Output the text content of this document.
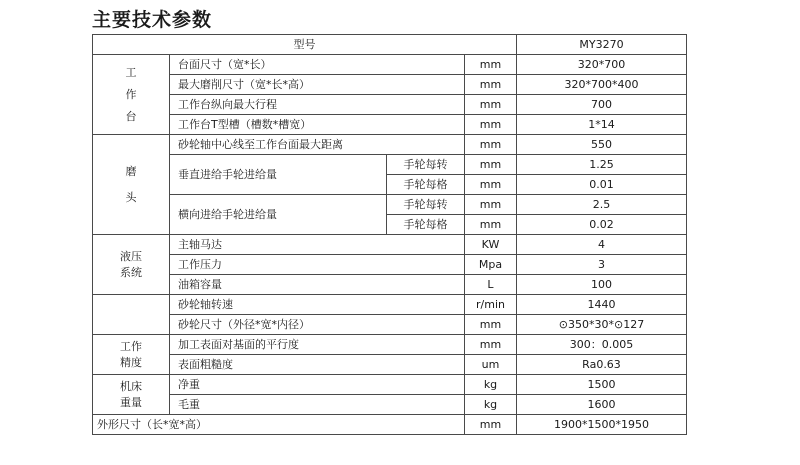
主要技术参数
型号				MY3270

工
作
台	台面尺寸（宽*长）		mm	320*700
	最大磨削尺寸（宽*长*高）		mm	320*700*400
	工作台纵向最大行程		mm	700
	工作台T型槽（槽数*槽宽）		mm	1*14

磨
头	砂轮轴中心线至工作台面最大距离		mm	550
	垂直进给手轮进给量	手轮每转	mm	1.25
		手轮每格	mm	0.01
	横向进给手轮进给量	手轮每转	mm	2.5
		手轮每格	mm	0.02

液压
系统	主轴马达		KW	4
	工作压力		Mpa	3
	油箱容量		L	100
	砂轮轴转速		r/min	1440
	砂轮尺寸（外径*宽*内径）		mm	⊙350*30*⊙127

工作
精度	加工表面对基面的平行度		mm	300：0.005
	表面粗糙度		um	Ra0.63

机床
重量	净重		kg	1500
	毛重		kg	1600
外形尺寸（长*宽*高）			mm	1900*1500*1950
